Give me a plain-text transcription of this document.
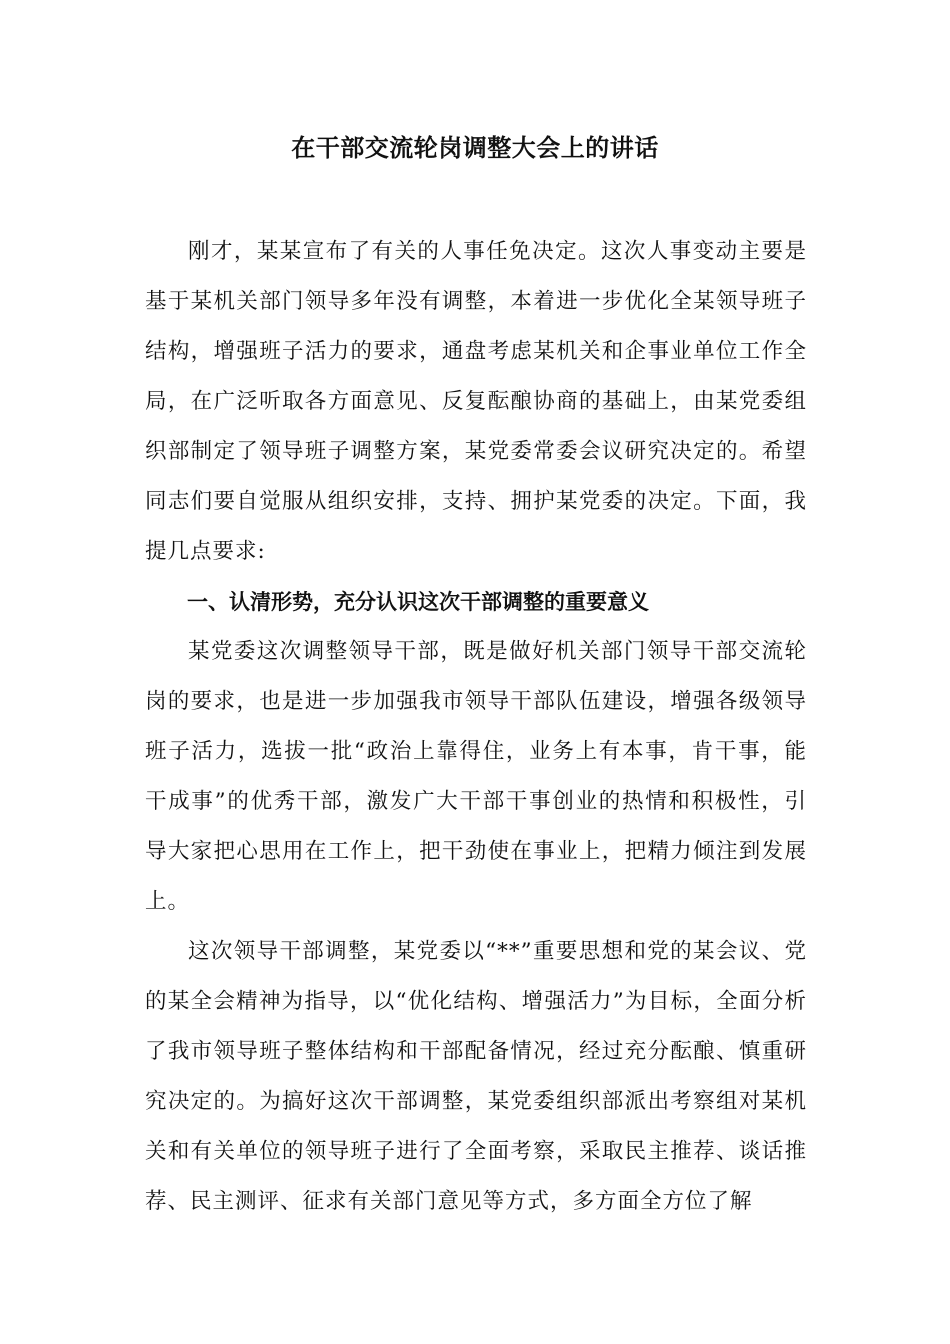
在干部交流轮岗调整大会上的讲话

刚才，某某宣布了有关的人事任免决定。这次人事变动主要是基于某机关部门领导多年没有调整，本着进一步优化全某领导班子结构，增强班子活力的要求，通盘考虑某机关和企事业单位工作全局，在广泛听取各方面意见、反复酝酿协商的基础上，由某党委组织部制定了领导班子调整方案，某党委常委会议研究决定的。希望同志们要自觉服从组织安排，支持、拥护某党委的决定。下面，我提几点要求:

一、认清形势，充分认识这次干部调整的重要意义

某党委这次调整领导干部，既是做好机关部门领导干部交流轮岗的要求，也是进一步加强我市领导干部队伍建设，增强各级领导班子活力，选拔一批“政治上靠得住，业务上有本事，肯干事，能干成事”的优秀干部，激发广大干部干事创业的热情和积极性，引导大家把心思用在工作上，把干劲使在事业上，把精力倾注到发展上。

这次领导干部调整，某党委以“**”重要思想和党的某会议、党的某全会精神为指导，以“优化结构、增强活力”为目标，全面分析了我市领导班子整体结构和干部配备情况，经过充分酝酿、慎重研究决定的。为搞好这次干部调整，某党委组织部派出考察组对某机关和有关单位的领导班子进行了全面考察，采取民主推荐、谈话推荐、民主测评、征求有关部门意见等方式，多方面全方位了解
